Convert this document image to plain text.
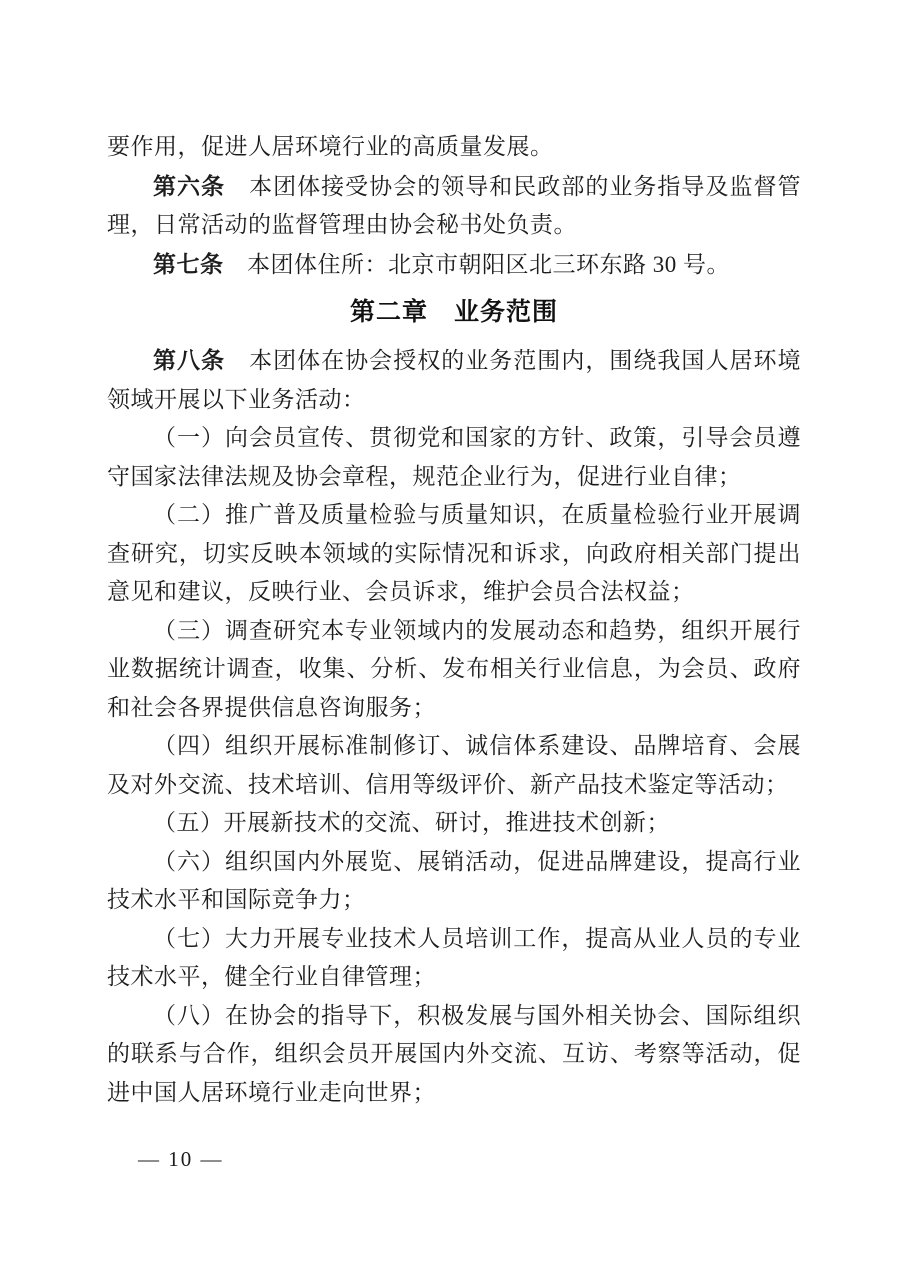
要作用，促进人居环境行业的高质量发展。

第六条　本团体接受协会的领导和民政部的业务指导及监督管理，日常活动的监督管理由协会秘书处负责。

第七条　本团体住所：北京市朝阳区北三环东路 30 号。

第二章　业务范围

第八条　本团体在协会授权的业务范围内，围绕我国人居环境领域开展以下业务活动：

（一）向会员宣传、贯彻党和国家的方针、政策，引导会员遵守国家法律法规及协会章程，规范企业行为，促进行业自律；

（二）推广普及质量检验与质量知识，在质量检验行业开展调查研究，切实反映本领域的实际情况和诉求，向政府相关部门提出意见和建议，反映行业、会员诉求，维护会员合法权益；

（三）调查研究本专业领域内的发展动态和趋势，组织开展行业数据统计调查，收集、分析、发布相关行业信息，为会员、政府和社会各界提供信息咨询服务；

（四）组织开展标准制修订、诚信体系建设、品牌培育、会展及对外交流、技术培训、信用等级评价、新产品技术鉴定等活动；

（五）开展新技术的交流、研讨，推进技术创新；

（六）组织国内外展览、展销活动，促进品牌建设，提高行业技术水平和国际竞争力；

（七）大力开展专业技术人员培训工作，提高从业人员的专业技术水平，健全行业自律管理；

（八）在协会的指导下，积极发展与国外相关协会、国际组织的联系与合作，组织会员开展国内外交流、互访、考察等活动，促进中国人居环境行业走向世界；

— 10 —
